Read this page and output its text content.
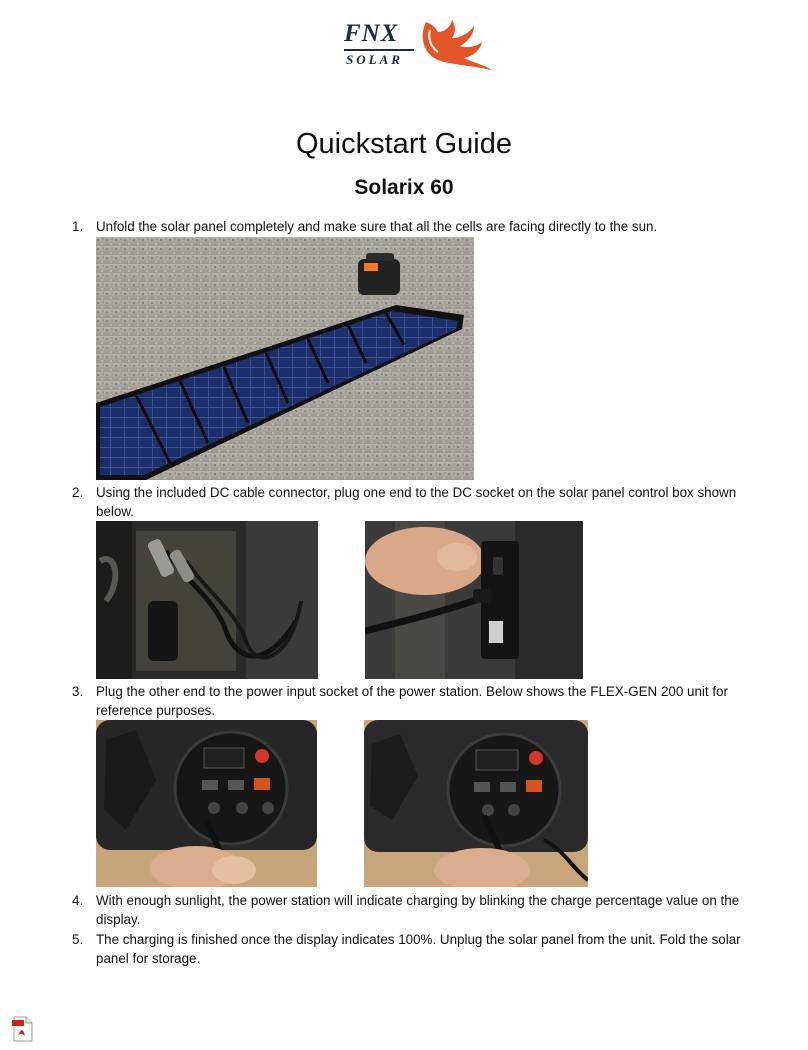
FNX
SOLAR
Quickstart Guide
Solarix 60
1. Unfold the solar panel completely and make sure that all the cells are facing directly to the sun.
2. Using the included DC cable connector, plug one end to the DC socket on the solar panel control box shown below.
3. Plug the other end to the power input socket of the power station. Below shows the FLEX-GEN 200 unit for reference purposes.
4. With enough sunlight, the power station will indicate charging by blinking the charge percentage value on the display.
5. The charging is finished once the display indicates 100%. Unplug the solar panel from the unit. Fold the solar panel for storage.
